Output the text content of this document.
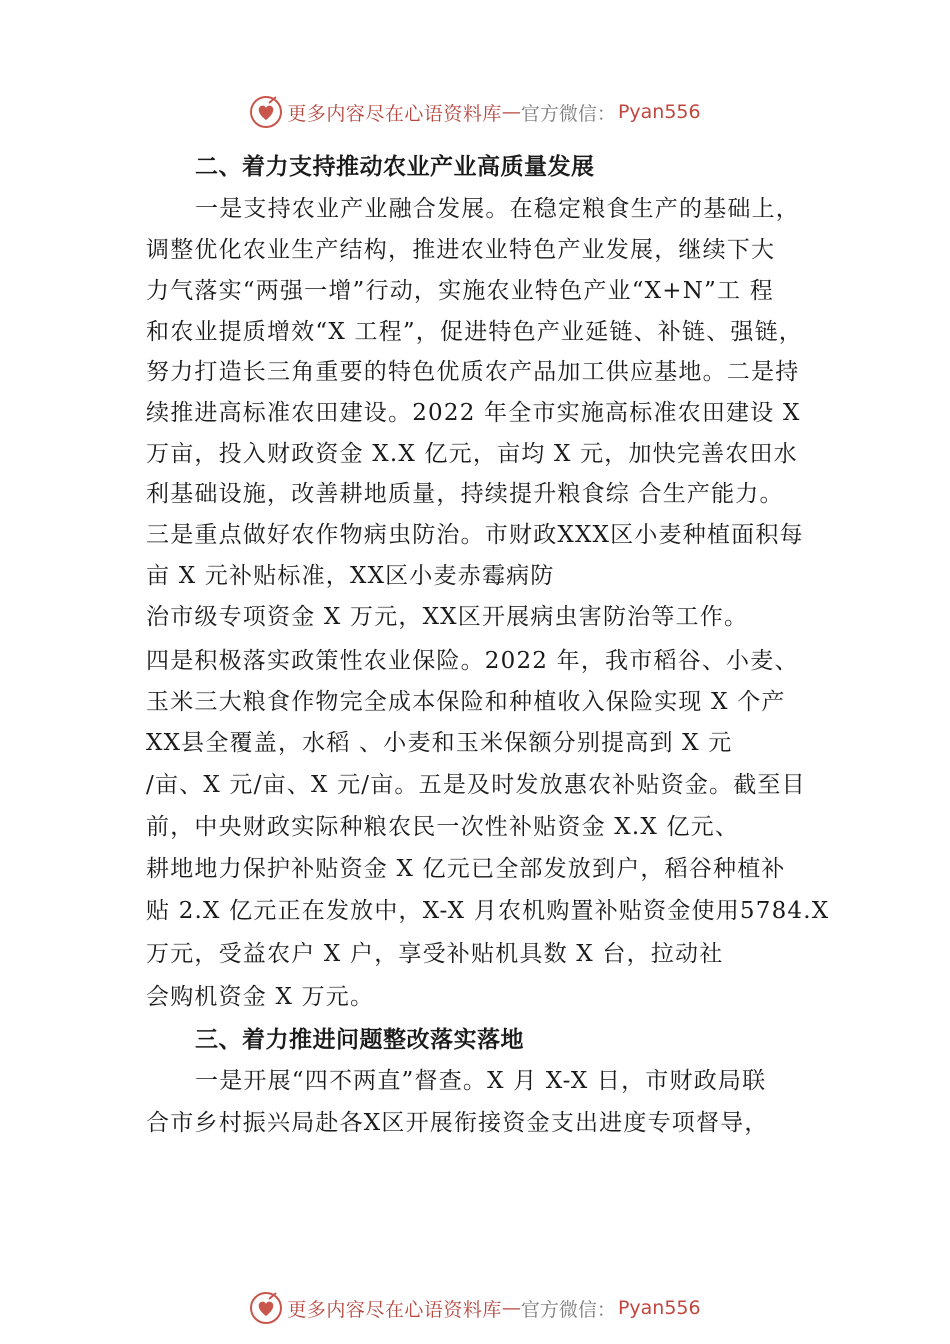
更多内容尽在心语资料库 — 官方微信： Pyan556
二、着力支持推动农业产业高质量发展
一是支持农业产业融合发展。在稳定粮食生产的基础上，
调整优化农业生产结构，推进农业特色产业发展，继续下大
力气落实“两强一增”行动，实施农业特色产业“X+N”工 程
和农业提质增效“X 工程”，促进特色产业延链、补链、强链，
努力打造长三角重要的特色优质农产品加工供应基地。二是持
续推进高标准农田建设。2022 年全市实施高标准农田建设 X
万亩，投入财政资金 X.X 亿元，亩均 X 元，加快完善农田水
利基础设施，改善耕地质量，持续提升粮食综 合生产能力。
三是重点做好农作物病虫防治。市财政XXX区小麦种植面积每
亩 X 元补贴标准，XX区小麦赤霉病防
治市级专项资金 X 万元，XX区开展病虫害防治等工作。
四是积极落实政策性农业保险。2022 年，我市稻谷、小麦、
玉米三大粮食作物完全成本保险和种植收入保险实现 X 个产
XX县全覆盖，水稻 、小麦和玉米保额分别提高到 X 元
/亩、X 元/亩、X 元/亩。五是及时发放惠农补贴资金。截至目
前，中央财政实际种粮农民一次性补贴资金 X.X 亿元、
耕地地力保护补贴资金 X 亿元已全部发放到户，稻谷种植补
贴 2.X 亿元正在发放中，X-X 月农机购置补贴资金使用5784.X
万元，受益农户 X 户，享受补贴机具数 X 台，拉动社
会购机资金 X 万元。
三、着力推进问题整改落实落地
一是开展“四不两直”督查。X 月 X-X 日，市财政局联
合市乡村振兴局赴各X区开展衔接资金支出进度专项督导，
更多内容尽在心语资料库 — 官方微信： Pyan556
